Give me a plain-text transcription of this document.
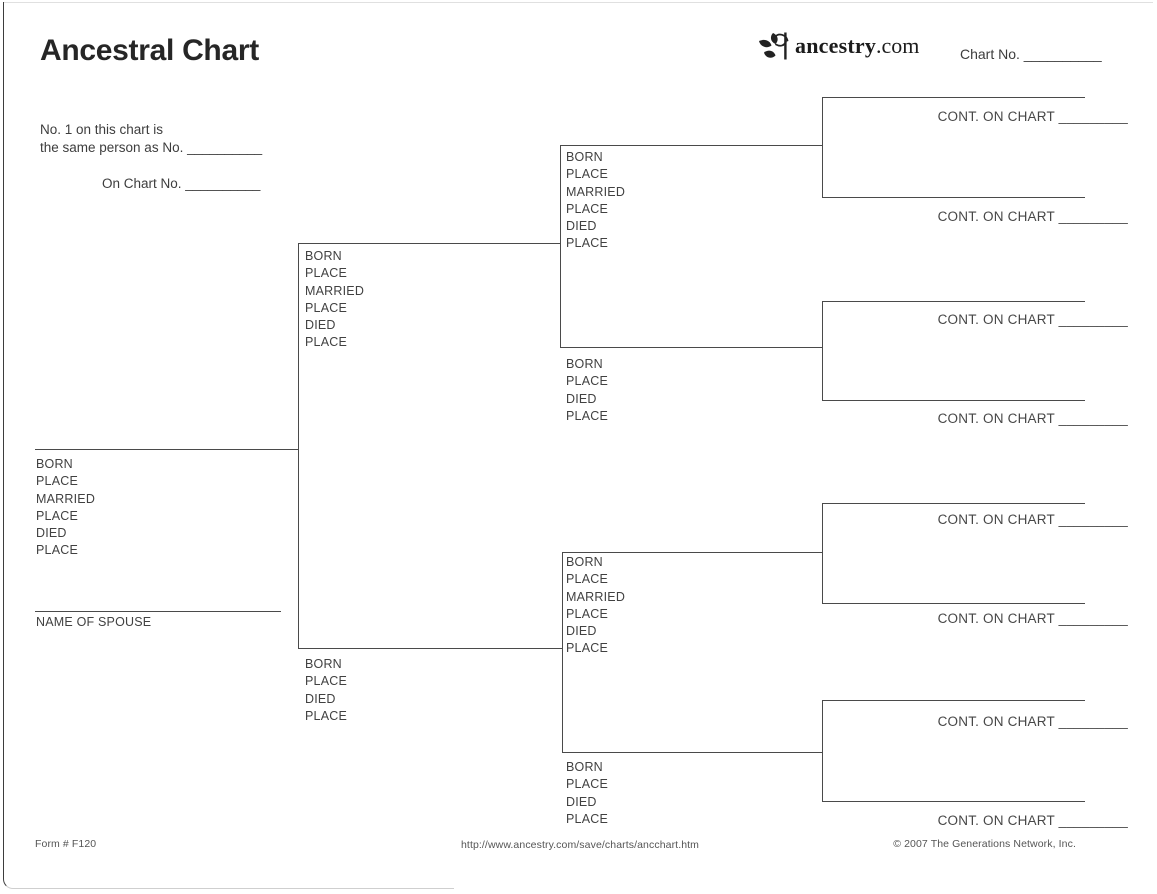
Ancestral Chart	ancestry.com	Chart No. __________
No. 1 on this chart is
the same person as No. __________
On Chart No. __________
BORN
PLACE
MARRIED
PLACE
DIED
PLACE
NAME OF SPOUSE
BORN
PLACE
MARRIED
PLACE
DIED
PLACE
BORN
PLACE
DIED
PLACE
BORN
PLACE
MARRIED
PLACE
DIED
PLACE
BORN
PLACE
DIED
PLACE
BORN
PLACE
MARRIED
PLACE
DIED
PLACE
BORN
PLACE
DIED
PLACE
CONT. ON CHART _________
CONT. ON CHART _________
CONT. ON CHART _________
CONT. ON CHART _________
CONT. ON CHART _________
CONT. ON CHART _________
CONT. ON CHART _________
CONT. ON CHART _________
Form # F120	http://www.ancestry.com/save/charts/ancchart.htm	© 2007 The Generations Network, Inc.
